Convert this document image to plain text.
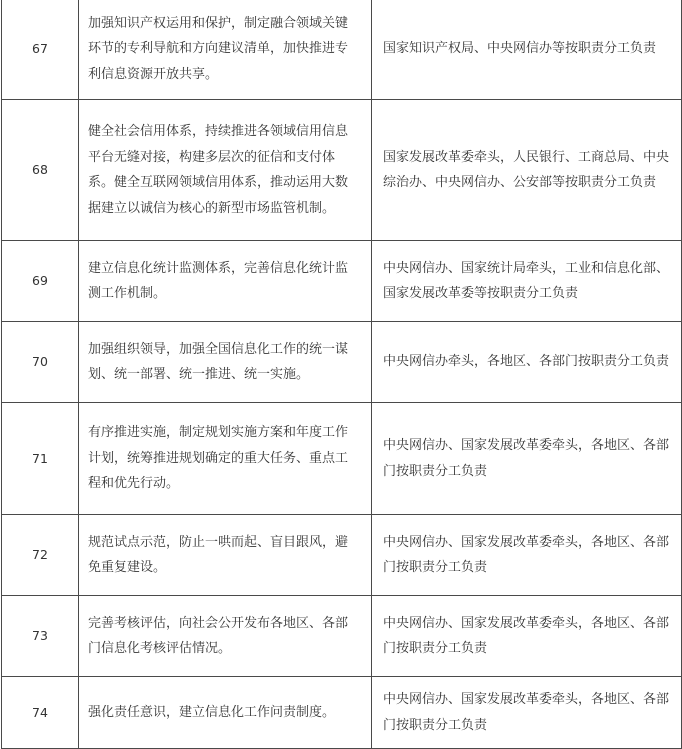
67	加强知识产权运用和保护，制定融合领域关键环节的专利导航和方向建议清单，加快推进专利信息资源开放共享。	国家知识产权局、中央网信办等按职责分工负责

68	健全社会信用体系，持续推进各领域信用信息平台无缝对接，构建多层次的征信和支付体系。健全互联网领域信用体系，推动运用大数据建立以诚信为核心的新型市场监管机制。	国家发展改革委牵头，人民银行、工商总局、中央综治办、中央网信办、公安部等按职责分工负责

69	建立信息化统计监测体系，完善信息化统计监测工作机制。	中央网信办、国家统计局牵头，工业和信息化部、国家发展改革委等按职责分工负责

70	加强组织领导，加强全国信息化工作的统一谋划、统一部署、统一推进、统一实施。	中央网信办牵头，各地区、各部门按职责分工负责

71	有序推进实施，制定规划实施方案和年度工作计划，统筹推进规划确定的重大任务、重点工程和优先行动。	中央网信办、国家发展改革委牵头，各地区、各部门按职责分工负责

72	规范试点示范，防止一哄而起、盲目跟风，避免重复建设。	中央网信办、国家发展改革委牵头，各地区、各部门按职责分工负责

73	完善考核评估，向社会公开发布各地区、各部门信息化考核评估情况。	中央网信办、国家发展改革委牵头，各地区、各部门按职责分工负责

74	强化责任意识，建立信息化工作问责制度。	中央网信办、国家发展改革委牵头，各地区、各部门按职责分工负责
